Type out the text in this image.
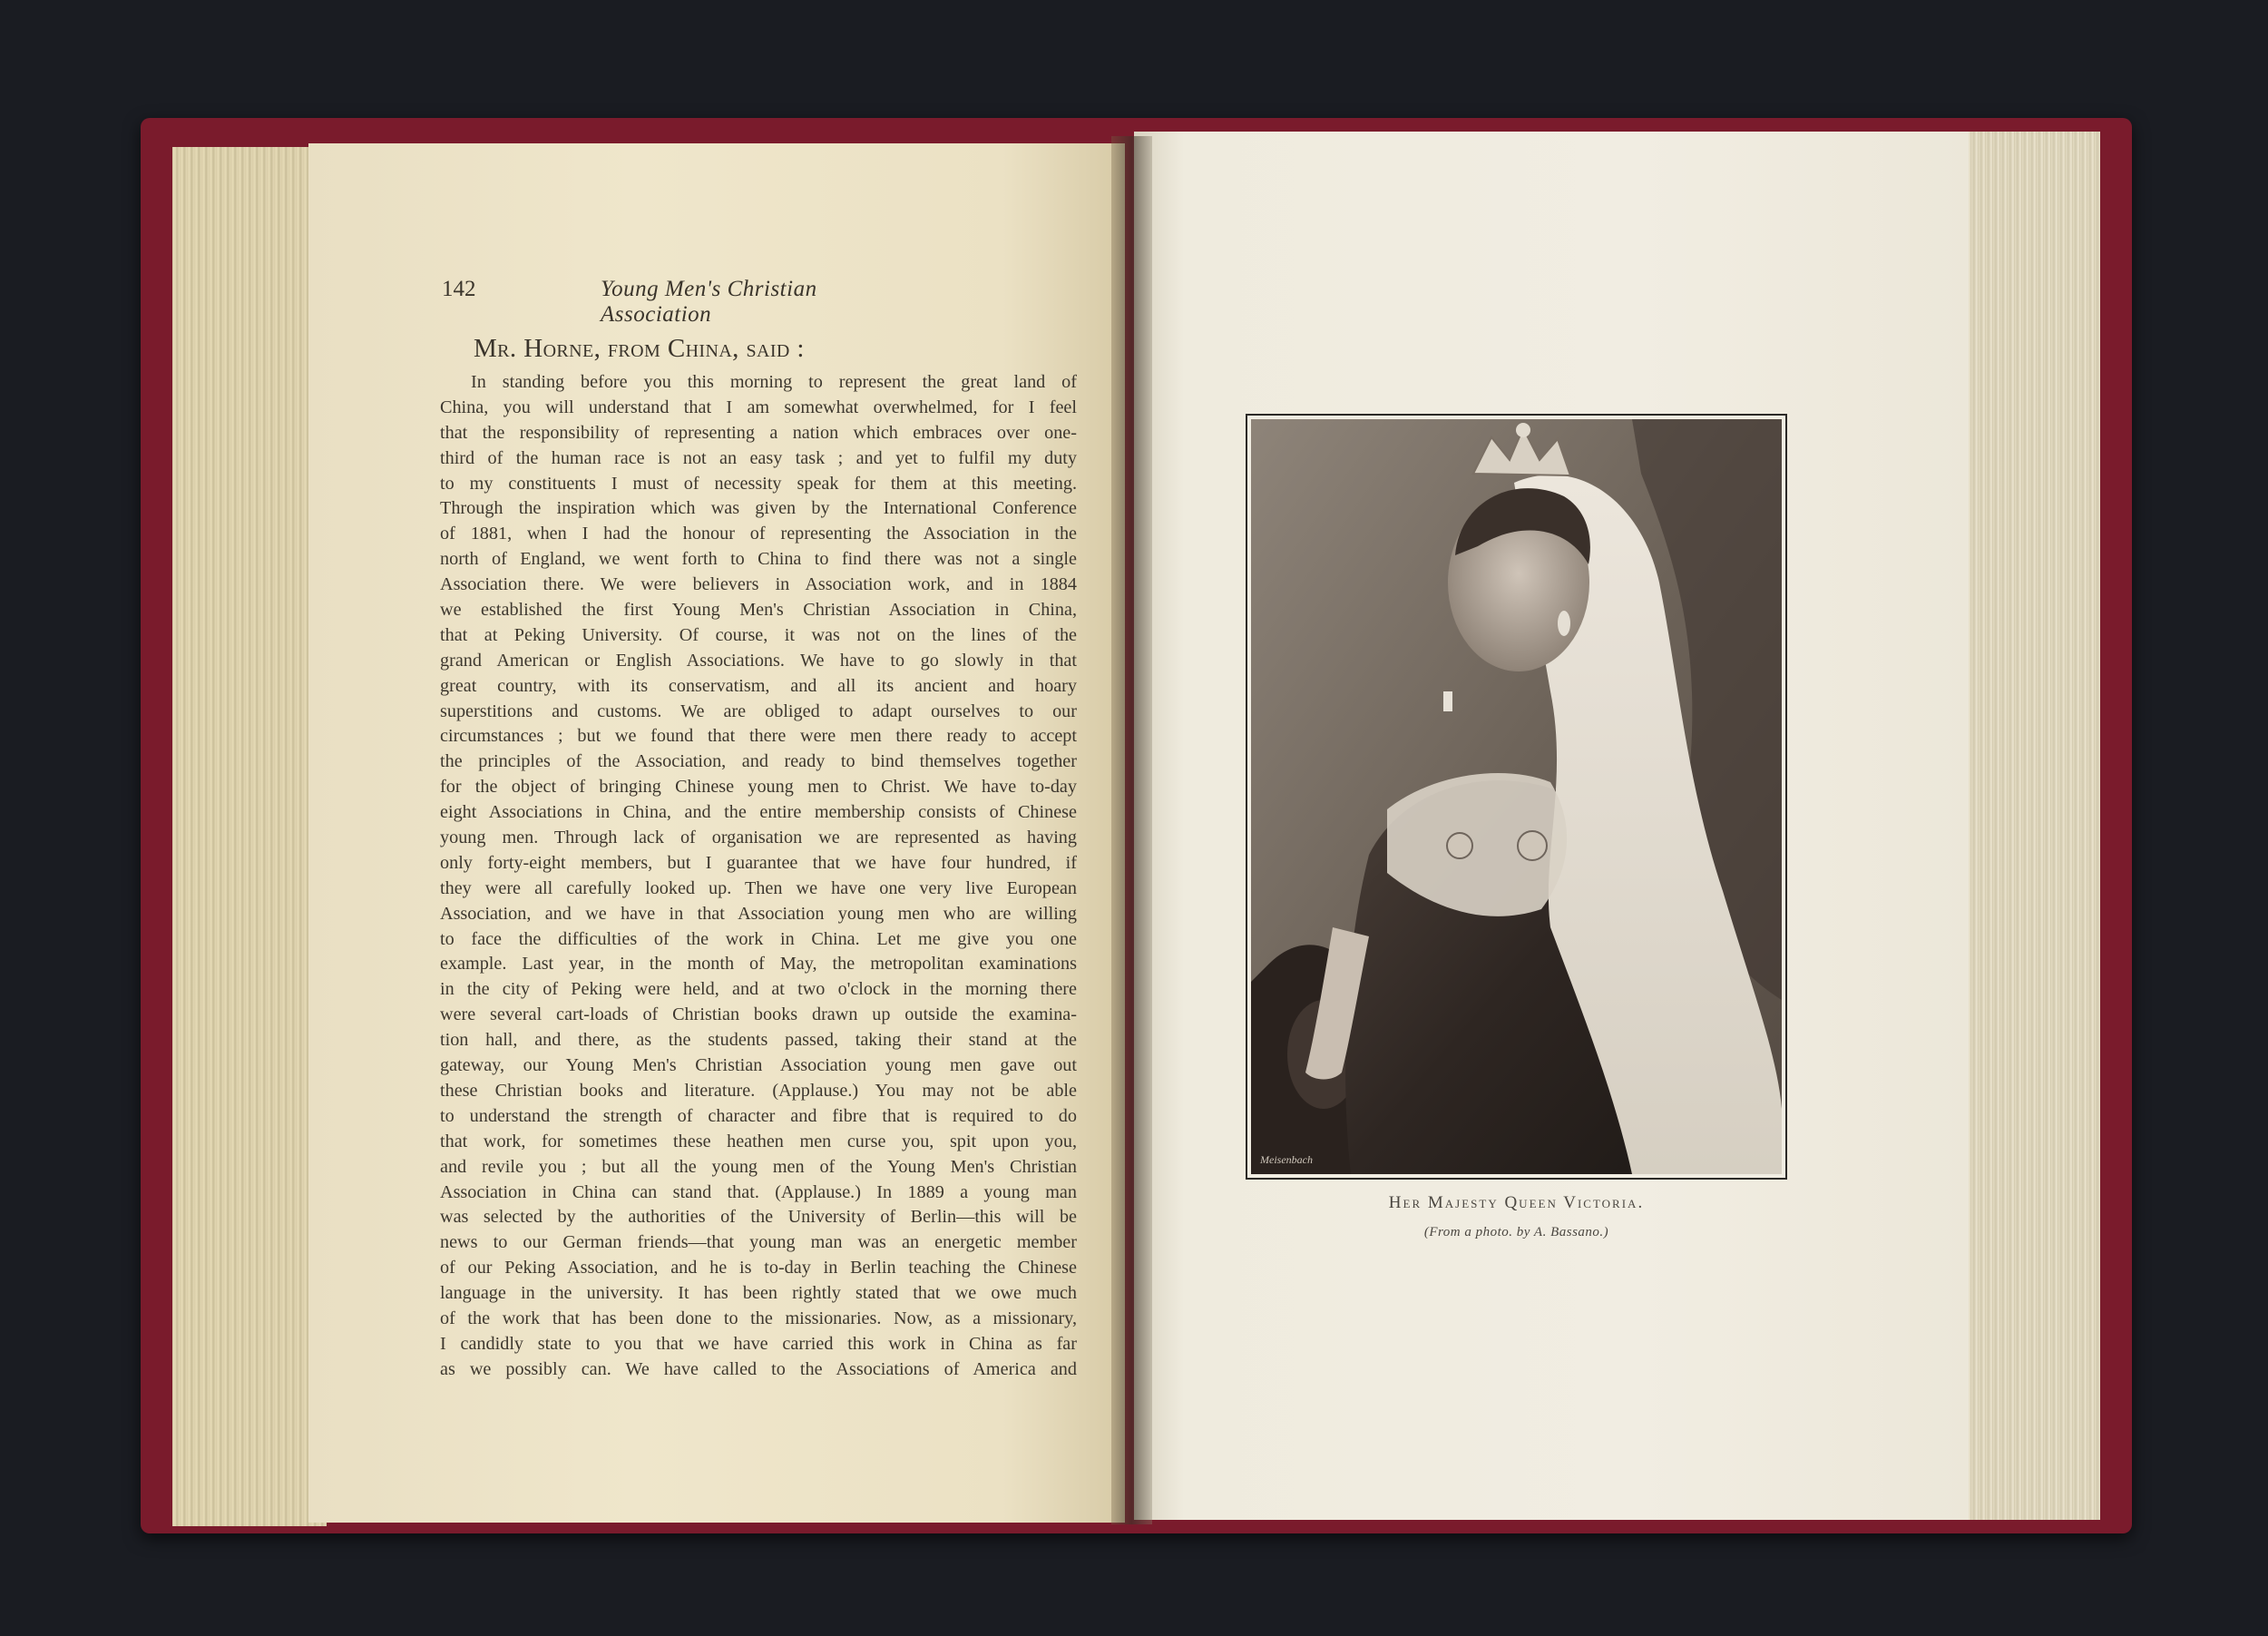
142	Young Men's Christian Association
Mr. Horne, from China, said :
In standing before you this morning to represent the great land of
China, you will understand that I am somewhat overwhelmed, for I feel
that the responsibility of representing a nation which embraces over one-
third of the human race is not an easy task ; and yet to fulfil my duty
to my constituents I must of necessity speak for them at this meeting.
Through the inspiration which was given by the International Conference
of 1881, when I had the honour of representing the Association in the
north of England, we went forth to China to find there was not a single
Association there. We were believers in Association work, and in 1884
we established the first Young Men's Christian Association in China,
that at Peking University. Of course, it was not on the lines of the
grand American or English Associations. We have to go slowly in that
great country, with its conservatism, and all its ancient and hoary
superstitions and customs. We are obliged to adapt ourselves to our
circumstances ; but we found that there were men there ready to accept
the principles of the Association, and ready to bind themselves together
for the object of bringing Chinese young men to Christ. We have to-day
eight Associations in China, and the entire membership consists of Chinese
young men. Through lack of organisation we are represented as having
only forty-eight members, but I guarantee that we have four hundred, if
they were all carefully looked up. Then we have one very live European
Association, and we have in that Association young men who are willing
to face the difficulties of the work in China. Let me give you one
example. Last year, in the month of May, the metropolitan examinations
in the city of Peking were held, and at two o'clock in the morning there
were several cart-loads of Christian books drawn up outside the examina-
tion hall, and there, as the students passed, taking their stand at the
gateway, our Young Men's Christian Association young men gave out
these Christian books and literature. (Applause.) You may not be able
to understand the strength of character and fibre that is required to do
that work, for sometimes these heathen men curse you, spit upon you,
and revile you ; but all the young men of the Young Men's Christian
Association in China can stand that. (Applause.) In 1889 a young man
was selected by the authorities of the University of Berlin—this will be
news to our German friends—that young man was an energetic member
of our Peking Association, and he is to-day in Berlin teaching the Chinese
language in the university. It has been rightly stated that we owe much
of the work that has been done to the missionaries. Now, as a missionary,
I candidly state to you that we have carried this work in China as far
as we possibly can. We have called to the Associations of America and
Meisenbach
Her Majesty Queen Victoria.
(From a photo. by A. Bassano.)
